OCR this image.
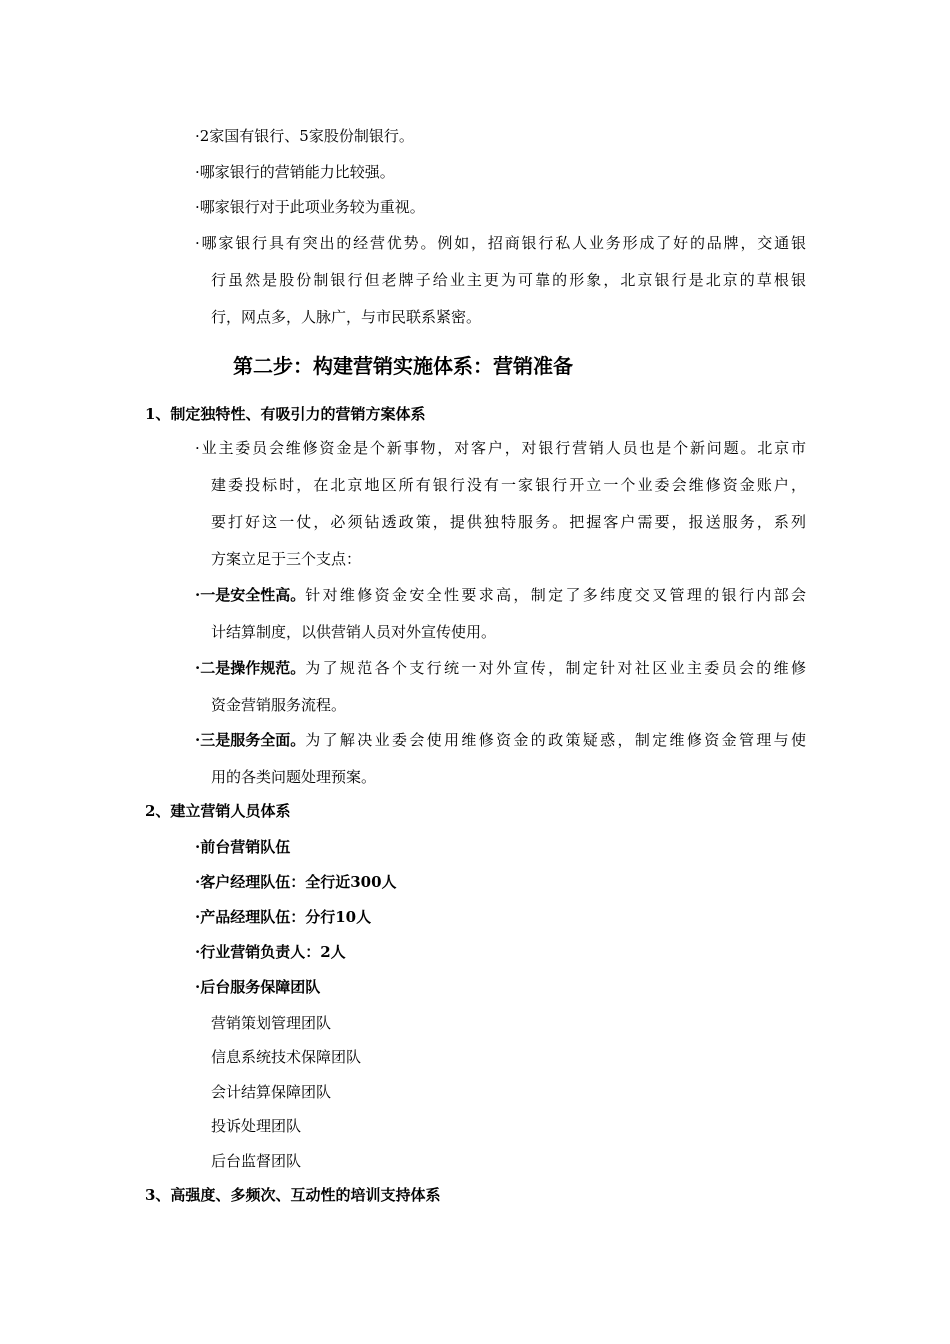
·2家国有银行、5家股份制银行。
·哪家银行的营销能力比较强。
·哪家银行对于此项业务较为重视。
·哪家银行具有突出的经营优势。例如，招商银行私人业务形成了好的品牌，交通银
行虽然是股份制银行但老牌子给业主更为可靠的形象，北京银行是北京的草根银
行，网点多，人脉广，与市民联系紧密。
第二步：构建营销实施体系：营销准备
1、制定独特性、有吸引力的营销方案体系
·业主委员会维修资金是个新事物，对客户，对银行营销人员也是个新问题。北京市
建委投标时，在北京地区所有银行没有一家银行开立一个业委会维修资金账户，
要打好这一仗，必须钻透政策，提供独特服务。把握客户需要，报送服务，系列
方案立足于三个支点：
·一是安全性高。 针对维修资金安全性要求高，制定了多纬度交叉管理的银行内部会
计结算制度，以供营销人员对外宣传使用。
·二是操作规范。 为了规范各个支行统一对外宣传，制定针对社区业主委员会的维修
资金营销服务流程。
·三是服务全面。 为了解决业委会使用维修资金的政策疑惑，制定维修资金管理与使
用的各类问题处理预案。
2、建立营销人员体系
·前台营销队伍
·客户经理队伍：全行近300人
·产品经理队伍：分行10人
·行业营销负责人：2人
·后台服务保障团队
营销策划管理团队
信息系统技术保障团队
会计结算保障团队
投诉处理团队
后台监督团队
3、高强度、多频次、互动性的培训支持体系
